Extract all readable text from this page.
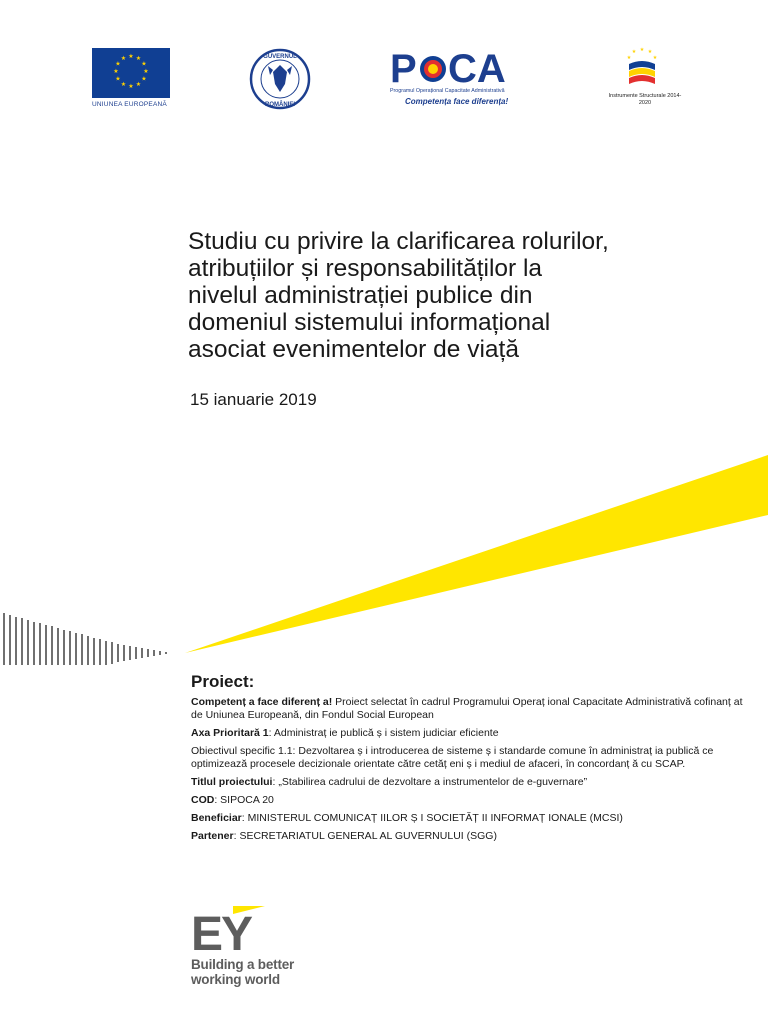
★ ★
★
★
★
★
★
★
★
★
★
★
UNIUNEA EUROPEANĂ
GUVERNUL
ROMÂNIEI
P CA
Programul Operațional Capacitate Administrativă
Competența face diferența!
★ ★
★
★
★
Instrumente Structurale 2014-2020
Studiu cu privire la clarificarea rolurilor,
atribuțiilor și responsabilităților la
nivelul administrației publice din
domeniul sistemului informațional
asociat evenimentelor de viață
15 ianuarie 2019
Proiect:

Competenț a face diferenț a! Proiect selectat în cadrul Programului Operaț ional Capacitate Administrativă cofinanț at de Uniunea Europeană, din Fondul Social European

Axa Prioritară 1: Administraț ie publică ș i sistem judiciar eficiente

Obiectivul specific 1.1: Dezvoltarea ș i introducerea de sisteme ș i standarde comune în administraț ia publică ce optimizează procesele decizionale orientate către cetăț eni ș i mediul de afaceri, în concordanț ă cu SCAP.

Titlul proiectului: „Stabilirea cadrului de dezvoltare a instrumentelor de e-guvernare”

COD: SIPOCA 20

Beneficiar: MINISTERUL COMUNICAȚ IILOR Ș I SOCIETĂȚ II INFORMAȚ IONALE (MCSI)

Partener: SECRETARIATUL GENERAL AL GUVERNULUI (SGG)

EY
Building a better
working world
